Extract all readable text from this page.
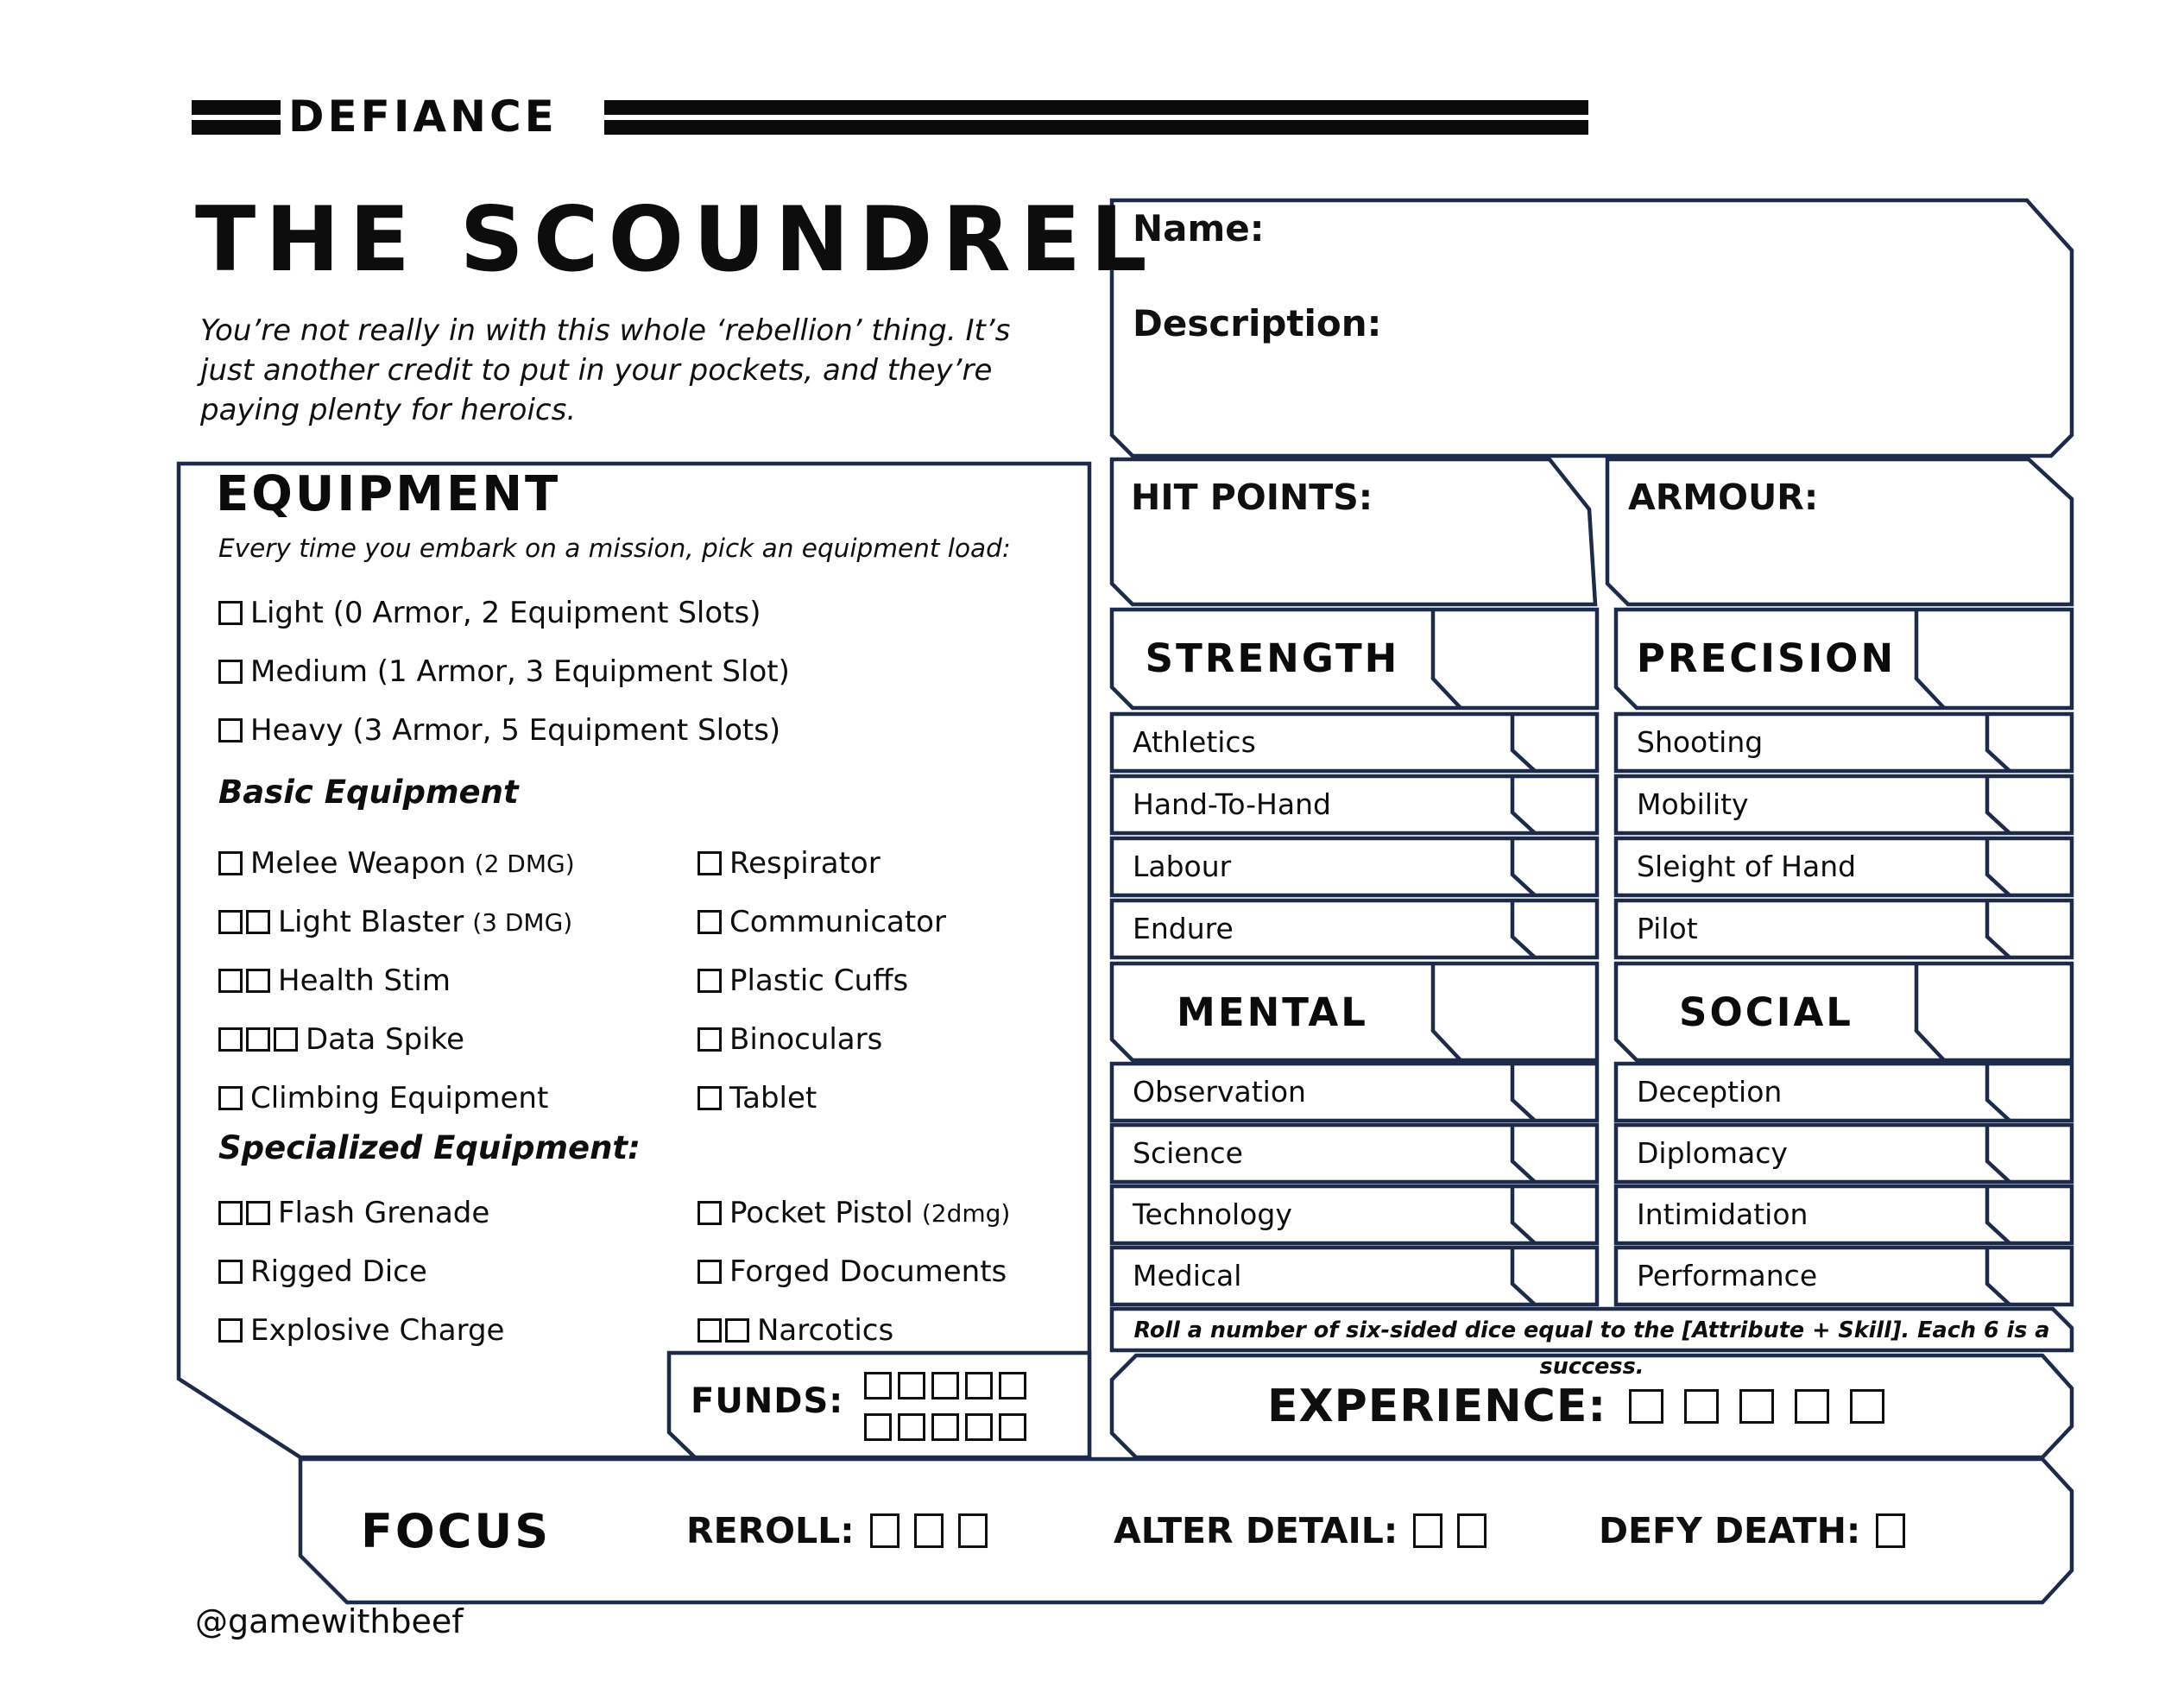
DEFIANCE
THE SCOUNDREL
You’re not really in with this whole ‘rebellion’ thing. It’s
just another credit to put in your pockets, and they’re
paying plenty for heroics.
Name:
Description:
EQUIPMENT
Every time you embark on a mission, pick an equipment load:
Light (0 Armor, 2 Equipment Slots)
Medium (1 Armor, 3 Equipment Slot)
Heavy (3 Armor, 5 Equipment Slots)
Basic Equipment
Melee Weapon (2 DMG)
Light Blaster (3 DMG)
Health Stim
Data Spike
Climbing Equipment
Respirator
Communicator
Plastic Cuffs
Binoculars
Tablet
Specialized Equipment:
Flash Grenade
Rigged Dice
Explosive Charge
Pocket Pistol (2dmg)
Forged Documents
Narcotics
HIT POINTS:	ARMOUR:
STRENGTH	PRECISION
MENTAL	SOCIAL
Athletics
Hand-To-Hand
Labour
Endure
Shooting
Mobility
Sleight of Hand
Pilot
Observation
Science
Technology
Medical
Deception
Diplomacy
Intimidation
Performance
Roll a number of six-sided dice equal to the [Attribute + Skill]. Each 6 is a success.
FUNDS:	EXPERIENCE:
FOCUS	REROLL:	ALTER DETAIL:	DEFY DEATH:
@gamewithbeef
